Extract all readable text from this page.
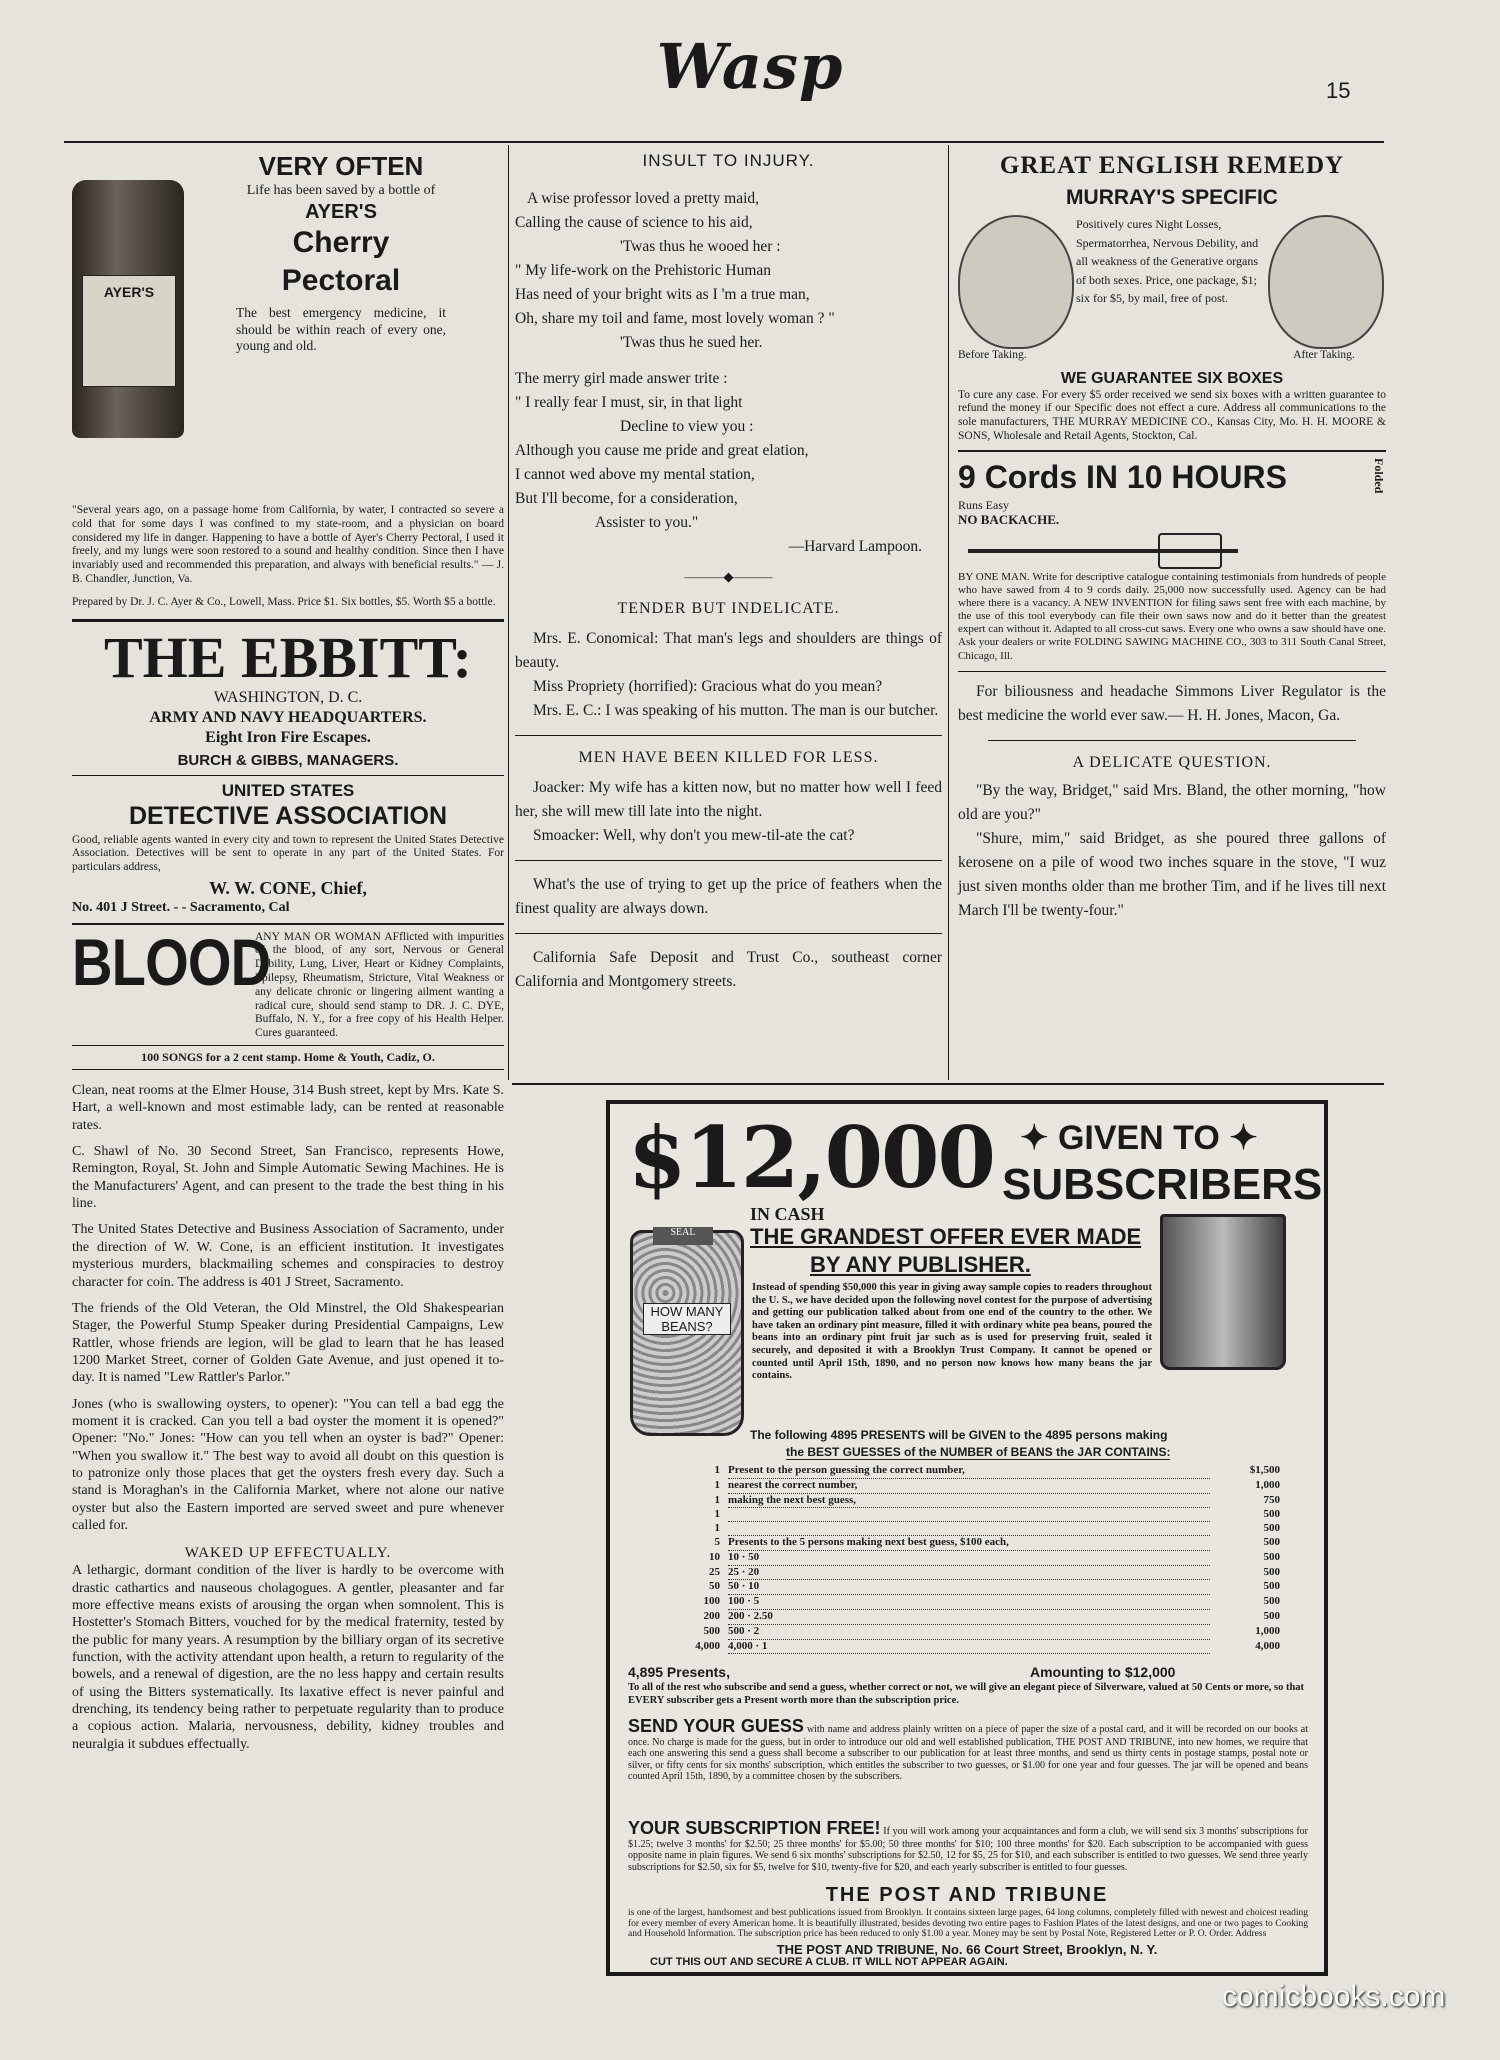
Wasp	15
AYER'S
VERY OFTEN
Life has been saved by a bottle of
AYER'S
Cherry Pectoral
The best emergency medicine, it should be within reach of every one, young and old.
"Several years ago, on a passage home from California, by water, I contracted so severe a cold that for some days I was confined to my state-room, and a physician on board considered my life in danger. Happening to have a bottle of Ayer's Cherry Pectoral, I used it freely, and my lungs were soon restored to a sound and healthy condition. Since then I have invariably used and recommended this preparation, and always with beneficial results." — J. B. Chandler, Junction, Va.
Prepared by Dr. J. C. Ayer & Co., Lowell, Mass. Price $1. Six bottles, $5. Worth $5 a bottle.
THE EBBITT:
WASHINGTON, D. C.
ARMY AND NAVY HEADQUARTERS.
Eight Iron Fire Escapes.
BURCH & GIBBS, MANAGERS.
UNITED STATES
DETECTIVE ASSOCIATION
Good, reliable agents wanted in every city and town to represent the United States Detective Association. Detectives will be sent to operate in any part of the United States. For particulars address,
W. W. CONE, Chief,
No. 401 J Street. - - Sacramento, Cal
BLOOD
ANY MAN OR WOMAN AFflicted with impurities of the blood, of any sort, Nervous or General Debility, Lung, Liver, Heart or Kidney Complaints, Epilepsy, Rheumatism, Stricture, Vital Weakness or any delicate chronic or lingering ailment wanting a radical cure, should send stamp to DR. J. C. DYE, Buffalo, N. Y., for a free copy of his Health Helper. Cures guaranteed.
100 SONGS for a 2 cent stamp. Home & Youth, Cadiz, O.
Clean, neat rooms at the Elmer House, 314 Bush street, kept by Mrs. Kate S. Hart, a well-known and most estimable lady, can be rented at reasonable rates.
C. Shawl of No. 30 Second Street, San Francisco, represents Howe, Remington, Royal, St. John and Simple Automatic Sewing Machines. He is the Manufacturers' Agent, and can present to the trade the best thing in his line.
The United States Detective and Business Association of Sacramento, under the direction of W. W. Cone, is an efficient institution. It investigates mysterious murders, blackmailing schemes and conspiracies to destroy character for coin. The address is 401 J Street, Sacramento.
The friends of the Old Veteran, the Old Minstrel, the Old Shakespearian Stager, the Powerful Stump Speaker during Presidential Campaigns, Lew Rattler, whose friends are legion, will be glad to learn that he has leased 1200 Market Street, corner of Golden Gate Avenue, and just opened it to-day. It is named "Lew Rattler's Parlor."
Jones (who is swallowing oysters, to opener): "You can tell a bad egg the moment it is cracked. Can you tell a bad oyster the moment it is opened?" Opener: "No." Jones: "How can you tell when an oyster is bad?" Opener: "When you swallow it." The best way to avoid all doubt on this question is to patronize only those places that get the oysters fresh every day. Such a stand is Moraghan's in the California Market, where not alone our native oyster but also the Eastern imported are served sweet and pure whenever called for.
WAKED UP EFFECTUALLY.
A lethargic, dormant condition of the liver is hardly to be overcome with drastic cathartics and nauseous cholagogues. A gentler, pleasanter and far more effective means exists of arousing the organ when somnolent. This is Hostetter's Stomach Bitters, vouched for by the medical fraternity, tested by the public for many years. A resumption by the billiary organ of its secretive function, with the activity attendant upon health, a return to regularity of the bowels, and a renewal of digestion, are the no less happy and certain results of using the Bitters systematically. Its laxative effect is never painful and drenching, its tendency being rather to perpetuate regularity than to produce a copious action. Malaria, nervousness, debility, kidney troubles and neuralgia it subdues effectually.
INSULT TO INJURY.
A wise professor loved a pretty maid,
Calling the cause of science to his aid,
'Twas thus he wooed her :
" My life-work on the Prehistoric Human
Has need of your bright wits as I 'm a true man,
Oh, share my toil and fame, most lovely woman ? "
'Twas thus he sued her.
The merry girl made answer trite :
" I really fear I must, sir, in that light
Decline to view you :
Although you cause me pride and great elation,
I cannot wed above my mental station,
But I'll become, for a consideration,
Assister to you."
—Harvard Lampoon.
———◆———
TENDER BUT INDELICATE.
Mrs. E. Conomical: That man's legs and shoulders are things of beauty.
Miss Propriety (horrified): Gracious what do you mean?
Mrs. E. C.: I was speaking of his mutton. The man is our butcher.
MEN HAVE BEEN KILLED FOR LESS.
Joacker: My wife has a kitten now, but no matter how well I feed her, she will mew till late into the night.
Smoacker: Well, why don't you mew-til-ate the cat?
What's the use of trying to get up the price of feathers when the finest quality are always down.
California Safe Deposit and Trust Co., southeast corner California and Montgomery streets.
GREAT ENGLISH REMEDY
MURRAY'S SPECIFIC
Before Taking.
Positively cures Night Losses, Spermatorrhea, Nervous Debility, and all weakness of the Generative organs of both sexes. Price, one package, $1; six for $5, by mail, free of post.
After Taking.
WE GUARANTEE SIX BOXES
To cure any case. For every $5 order received we send six boxes with a written guarantee to refund the money if our Specific does not effect a cure. Address all communications to the sole manufacturers, THE MURRAY MEDICINE CO., Kansas City, Mo. H. H. MOORE & SONS, Wholesale and Retail Agents, Stockton, Cal.
9 Cords IN 10 HOURS
Runs Easy
NO BACKACHE.
Folded
BY ONE MAN. Write for descriptive catalogue containing testimonials from hundreds of people who have sawed from 4 to 9 cords daily. 25,000 now successfully used. Agency can be had where there is a vacancy. A NEW INVENTION for filing saws sent free with each machine, by the use of this tool everybody can file their own saws now and do it better than the greatest expert can without it. Adapted to all cross-cut saws. Every one who owns a saw should have one. Ask your dealers or write FOLDING SAWING MACHINE CO., 303 to 311 South Canal Street, Chicago, Ill.
For biliousness and headache Simmons Liver Regulator is the best medicine the world ever saw.— H. H. Jones, Macon, Ga.
A DELICATE QUESTION.
"By the way, Bridget," said Mrs. Bland, the other morning, "how old are you?"
"Shure, mim," said Bridget, as she poured three gallons of kerosene on a pile of wood two inches square in the stove, "I wuz just siven months older than me brother Tim, and if he lives till next March I'll be twenty-four."
$12,000 ✦ GIVEN TO ✦
SUBSCRIBERS
IN CASH
THE GRANDEST OFFER EVER MADE
BY ANY PUBLISHER.
SEAL
HOW MANY BEANS?
Instead of spending $50,000 this year in giving away sample copies to readers throughout the U. S., we have decided upon the following novel contest for the purpose of advertising and getting our publication talked about from one end of the country to the other. We have taken an ordinary pint measure, filled it with ordinary white pea beans, poured the beans into an ordinary pint fruit jar such as is used for preserving fruit, sealed it securely, and deposited it with a Brooklyn Trust Company. It cannot be opened or counted until April 15th, 1890, and no person now knows how many beans the jar contains.
The following 4895 PRESENTS will be GIVEN to the 4895 persons making
the BEST GUESSES of the NUMBER of BEANS the JAR CONTAINS:
1 Present to the person guessing the correct number,	$1,500
1 nearest the correct number,	1,000
1 making the next best guess,	750
1	500
1	500
5 Presents to the 5 persons making next best guess, $100 each,	500
10 10 · 50	500
25 25 · 20	500
50 50 · 10	500
100 100 · 5	500
200 200 · 2.50	500
500 500 · 2	1,000
4,000 4,000 · 1	4,000
4,895 Presents,	Amounting to $12,000
To all of the rest who subscribe and send a guess, whether correct or not, we will give an elegant piece of Silverware, valued at 50 Cents or more, so that EVERY subscriber gets a Present worth more than the subscription price.
SEND YOUR GUESS with name and address plainly written on a piece of paper the size of a postal card, and it will be recorded on our books at once. No charge is made for the guess, but in order to introduce our old and well established publication, THE POST AND TRIBUNE, into new homes, we require that each one answering this send a guess shall become a subscriber to our publication for at least three months, and send us thirty cents in postage stamps, postal note or silver, or fifty cents for six months' subscription, which entitles the subscriber to two guesses, or $1.00 for one year and four guesses. The jar will be opened and beans counted April 15th, 1890, by a committee chosen by the subscribers.
YOUR SUBSCRIPTION FREE! If you will work among your acquaintances and form a club, we will send six 3 months' subscriptions for $1.25; twelve 3 months' for $2.50; 25 three months' for $5.00; 50 three months' for $10; 100 three months' for $20. Each subscription to be accompanied with guess opposite name in plain figures. We send 6 six months' subscriptions for $2.50, 12 for $5, 25 for $10, and each subscriber is entitled to two guesses. We send three yearly subscriptions for $2.50, six for $5, twelve for $10, twenty-five for $20, and each yearly subscriber is entitled to four guesses.
THE POST AND TRIBUNE
is one of the largest, handsomest and best publications issued from Brooklyn. It contains sixteen large pages, 64 long columns, completely filled with newest and choicest reading for every member of every American home. It is beautifully illustrated, besides devoting two entire pages to Fashion Plates of the latest designs, and one or two pages to Cooking and Household Information. The subscription price has been reduced to only $1.00 a year. Money may be sent by Postal Note, Registered Letter or P. O. Order. Address
THE POST AND TRIBUNE, No. 66 Court Street, Brooklyn, N. Y.
CUT THIS OUT AND SECURE A CLUB. IT WILL NOT APPEAR AGAIN.
comicbooks.com
